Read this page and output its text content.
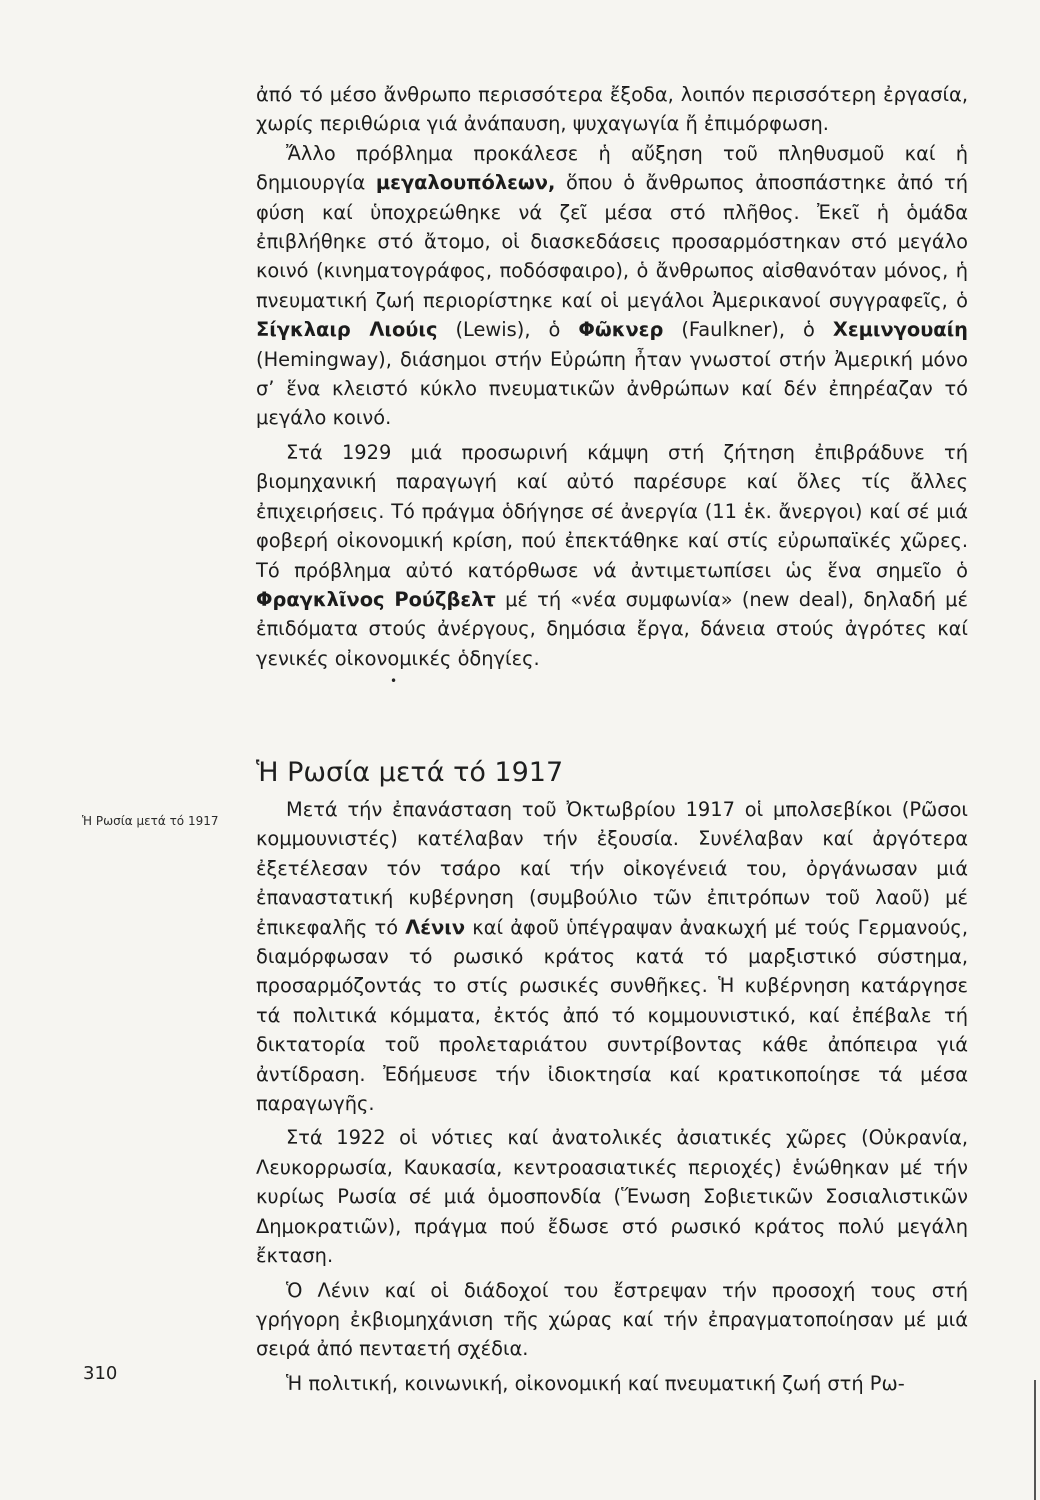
ἀπό τό μέσο ἄνθρωπο περισσότερα ἔξοδα, λοιπόν περισσότερη ἐργασία, χωρίς περιθώρια γιά ἀνάπαυση, ψυχαγωγία ἤ ἐπιμόρφωση.

Ἄλλο πρόβλημα προκάλεσε ἡ αὔξηση τοῦ πληθυσμοῦ καί ἡ δημιουργία μεγαλουπόλεων, ὅπου ὁ ἄνθρωπος ἀποσπάστηκε ἀπό τή φύση καί ὑποχρεώθηκε νά ζεῖ μέσα στό πλῆθος. Ἐκεῖ ἡ ὁμάδα ἐπιβλήθηκε στό ἄτομο, οἱ διασκεδάσεις προσαρμόστηκαν στό μεγάλο κοινό (κινηματογράφος, ποδόσφαιρο), ὁ ἄνθρωπος αἰσθανόταν μόνος, ἡ πνευματική ζωή περιορίστηκε καί οἱ μεγάλοι Ἀμερικανοί συγγραφεῖς, ὁ Σίγκλαιρ Λιούις (Lewis), ὁ Φῶκνερ (Faulkner), ὁ Χεμινγουαίη (Hemingway), διάσημοι στήν Εὐρώπη ἦταν γνωστοί στήν Ἀμερική μόνο σ’ ἕνα κλειστό κύκλο πνευματικῶν ἀνθρώπων καί δέν ἐπηρέαζαν τό μεγάλο κοινό.

Στά 1929 μιά προσωρινή κάμψη στή ζήτηση ἐπιβράδυνε τή βιομηχανική παραγωγή καί αὐτό παρέσυρε καί ὅλες τίς ἄλλες ἐπιχειρήσεις. Τό πράγμα ὁδήγησε σέ ἀνεργία (11 ἑκ. ἄνεργοι) καί σέ μιά φοβερή οἰκονομική κρίση, πού ἐπεκτάθηκε καί στίς εὐρωπαϊκές χῶρες. Τό πρόβλημα αὐτό κατόρθωσε νά ἀντιμετωπίσει ὡς ἕνα σημεῖο ὁ Φραγκλῖνος Ρούζβελτ μέ τή «νέα συμφωνία» (new deal), δηλαδή μέ ἐπιδόματα στούς ἀνέργους, δημόσια ἔργα, δάνεια στούς ἀγρότες καί γενικές οἰκονομικές ὁδηγίες.

•
Ἡ Ρωσία μετά τό 1917
Ἡ Ρωσία μετά τό 1917	Μετά τήν ἐπανάσταση τοῦ Ὀκτωβρίου 1917 οἱ μπολσεβίκοι (Ρῶσοι κομμουνιστές) κατέλαβαν τήν ἐξουσία. Συνέλαβαν καί ἀργότερα ἐξετέλεσαν τόν τσάρο καί τήν οἰκογένειά του, ὀργάνωσαν μιά ἐπαναστατική κυβέρνηση (συμβούλιο τῶν ἐπιτρόπων τοῦ λαοῦ) μέ ἐπικεφαλῆς τό Λένιν καί ἀφοῦ ὑπέγραψαν ἀνακωχή μέ τούς Γερμανούς, διαμόρφωσαν τό ρωσικό κράτος κατά τό μαρξιστικό σύστημα, προσαρμόζοντάς το στίς ρωσικές συνθῆκες. Ἡ κυβέρνηση κατάργησε τά πολιτικά κόμματα, ἐκτός ἀπό τό κομμουνιστικό, καί ἐπέβαλε τή δικτατορία τοῦ προλεταριάτου συντρίβοντας κάθε ἀπόπειρα γιά ἀντίδραση. Ἐδήμευσε τήν ἰδιοκτησία καί κρατικοποίησε τά μέσα παραγωγῆς.

Στά 1922 οἱ νότιες καί ἀνατολικές ἀσιατικές χῶρες (Οὐκρανία, Λευκορρωσία, Καυκασία, κεντροασιατικές περιοχές) ἑνώθηκαν μέ τήν κυρίως Ρωσία σέ μιά ὁμοσπονδία (Ἕνωση Σοβιετικῶν Σοσιαλιστικῶν Δημοκρατιῶν), πράγμα πού ἔδωσε στό ρωσικό κράτος πολύ μεγάλη ἔκταση.

Ὁ Λένιν καί οἱ διάδοχοί του ἔστρεψαν τήν προσοχή τους στή γρήγορη ἐκβιομηχάνιση τῆς χώρας καί τήν ἐπραγματοποίησαν μέ μιά σειρά ἀπό πενταετή σχέδια.

Ἡ πολιτική, κοινωνική, οἰκονομική καί πνευματική ζωή στή Ρω-

310
